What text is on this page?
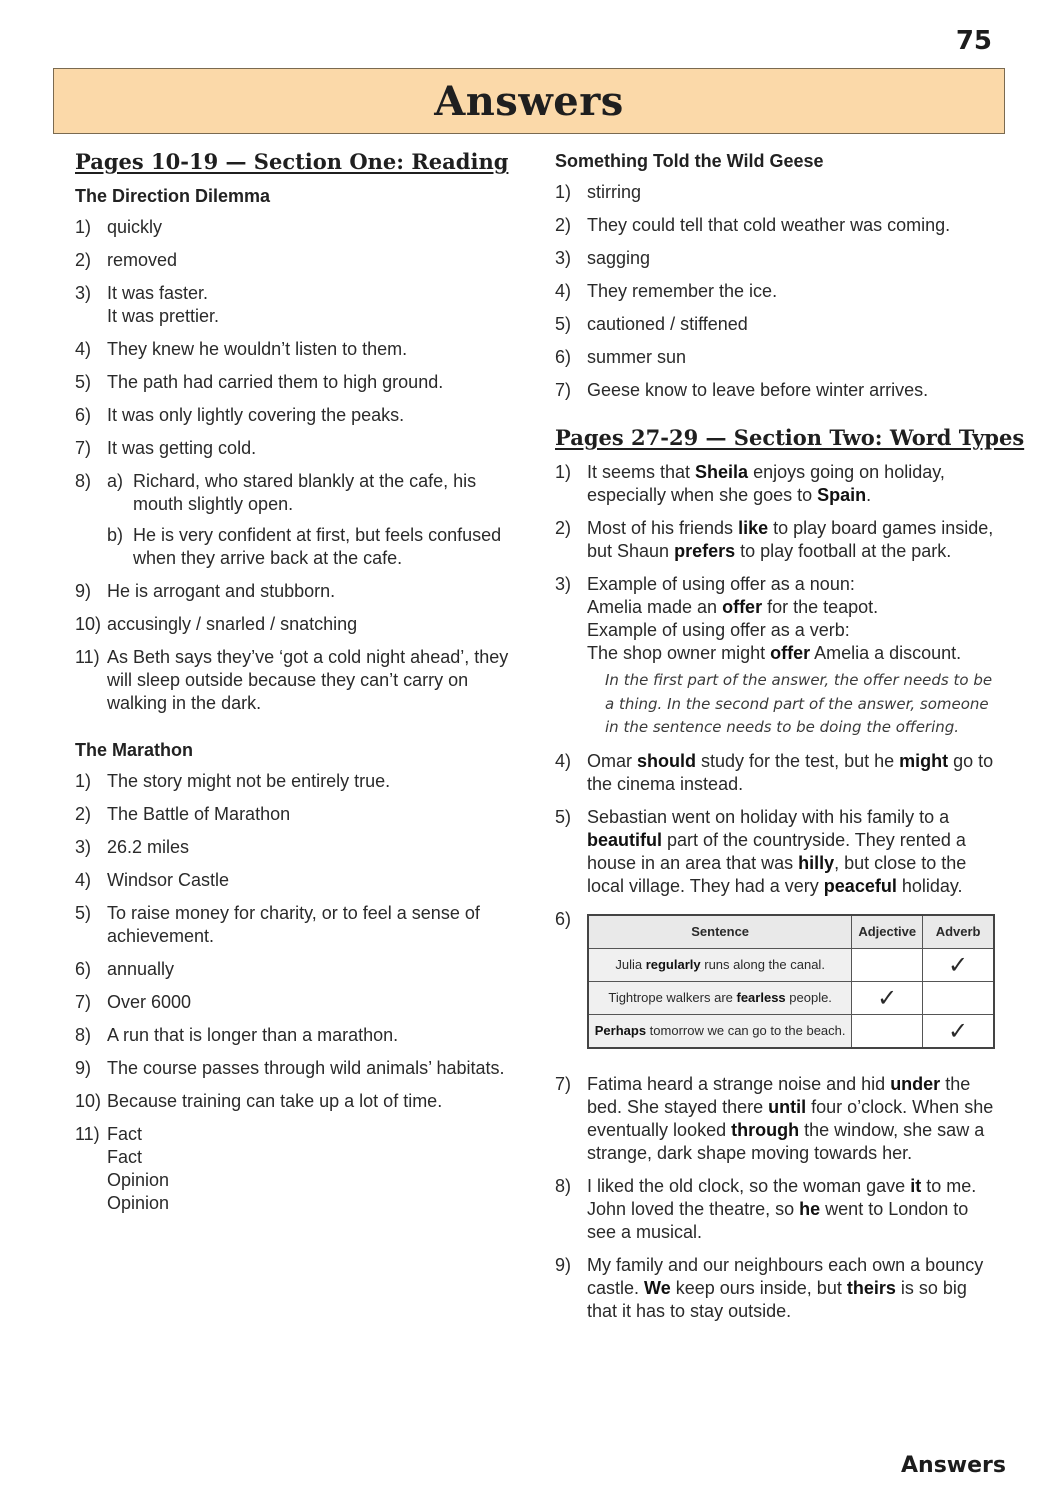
75
Answers
Pages 10-19 — Section One: Reading
The Direction Dilemma
1) quickly
2) removed
3) It was faster.
It was prettier.
4) They knew he wouldn’t listen to them.
5) The path had carried them to high ground.
6) It was only lightly covering the peaks.
7) It was getting cold.
8) a) Richard, who stared blankly at the cafe, his mouth slightly open.
b) He is very confident at first, but feels confused when they arrive back at the cafe.
9) He is arrogant and stubborn.
10) accusingly / snarled / snatching
11) As Beth says they’ve ‘got a cold night ahead’, they will sleep outside because they can’t carry on walking in the dark.
The Marathon
1) The story might not be entirely true.
2) The Battle of Marathon
3) 26.2 miles
4) Windsor Castle
5) To raise money for charity, or to feel a sense of achievement.
6) annually
7) Over 6000
8) A run that is longer than a marathon.
9) The course passes through wild animals’ habitats.
10) Because training can take up a lot of time.
11) Fact
Fact
Opinion
Opinion
Something Told the Wild Geese
1) stirring
2) They could tell that cold weather was coming.
3) sagging
4) They remember the ice.
5) cautioned / stiffened
6) summer sun
7) Geese know to leave before winter arrives.
Pages 27-29 — Section Two: Word Types
1) It seems that Sheila enjoys going on holiday, especially when she goes to Spain.
2) Most of his friends like to play board games inside, but Shaun prefers to play football at the park.
3) Example of using offer as a noun:
Amelia made an offer for the teapot.
Example of using offer as a verb:
The shop owner might offer Amelia a discount.
In the first part of the answer, the offer needs to be a thing. In the second part of the answer, someone in the sentence needs to be doing the offering.
4) Omar should study for the test, but he might go to the cinema instead.
5) Sebastian went on holiday with his family to a beautiful part of the countryside. They rented a house in an area that was hilly, but close to the local village. They had a very peaceful holiday.
6)
Sentence	Adjective	Adverb
Julia regularly runs along the canal.		✓
Tightrope walkers are fearless people.	✓	
Perhaps tomorrow we can go to the beach.		✓
7) Fatima heard a strange noise and hid under the bed. She stayed there until four o’clock. When she eventually looked through the window, she saw a strange, dark shape moving towards her.
8) I liked the old clock, so the woman gave it to me.
John loved the theatre, so he went to London to see a musical.
9) My family and our neighbours each own a bouncy castle. We keep ours inside, but theirs is so big that it has to stay outside.
Answers
